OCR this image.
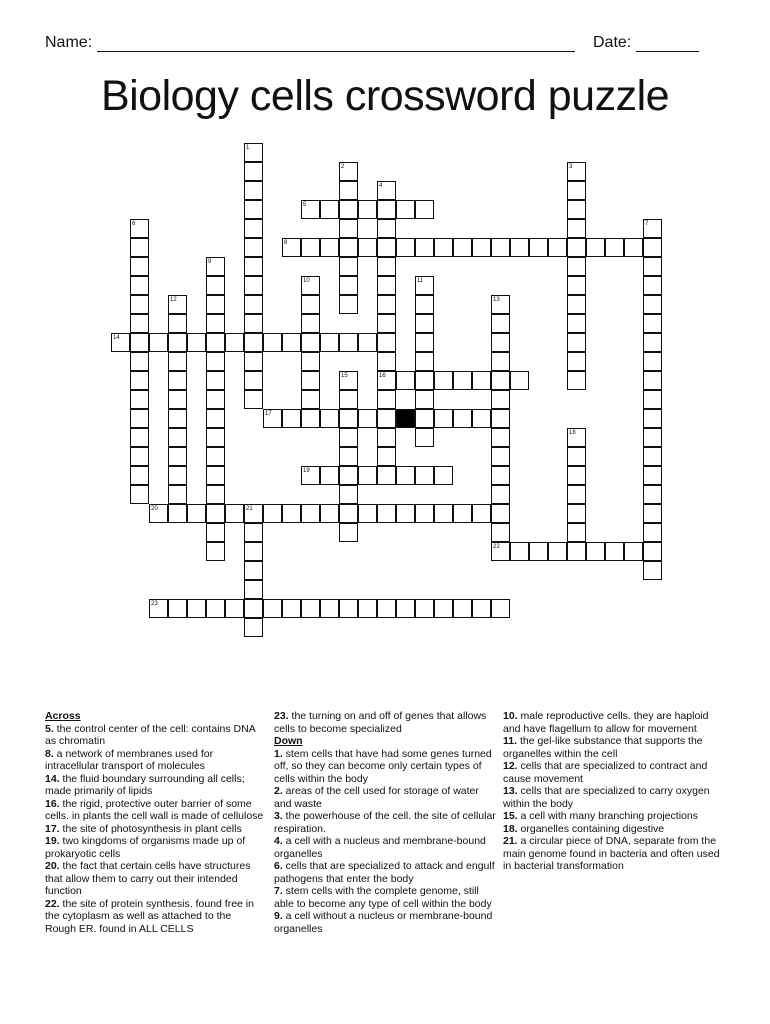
Name:	Date:
Biology cells crossword puzzle
1
2	3
4
5
6	7
8
9
10	11
12	13
14
15	16
17
18
19
20	21
22
23
Across

5. the control center of the cell: contains DNA as chromatin

8. a network of membranes used for intracellular transport of molecules

14. the fluid boundary surrounding all cells; made primarily of lipids

16. the rigid, protective outer barrier of some cells. in plants the cell wall is made of cellulose

17. the site of photosynthesis in plant cells

19. two kingdoms of organisms made up of prokaryotic cells

20. the fact that certain cells have structures that allow them to carry out their intended function

22. the site of protein synthesis. found free in the cytoplasm as well as attached to the Rough ER. found in ALL CELLS

23. the turning on and off of genes that allows cells to become specialized

Down

1. stem cells that have had some genes turned off, so they can become only certain types of cells within the body

2. areas of the cell used for storage of water and waste

3. the powerhouse of the cell. the site of cellular respiration.

4. a cell with a nucleus and membrane-bound organelles

6. cells that are specialized to attack and engulf pathogens that enter the body

7. stem cells with the complete genome, still able to become any type of cell within the body

9. a cell without a nucleus or membrane-bound organelles

10. male reproductive cells. they are haploid and have flagellum to allow for movement

11. the gel-like substance that supports the organelles within the cell

12. cells that are specialized to contract and cause movement

13. cells that are specialized to carry oxygen within the body

15. a cell with many branching projections

18. organelles containing digestive

21. a circular piece of DNA, separate from the main genome found in bacteria and often used in bacterial transformation
